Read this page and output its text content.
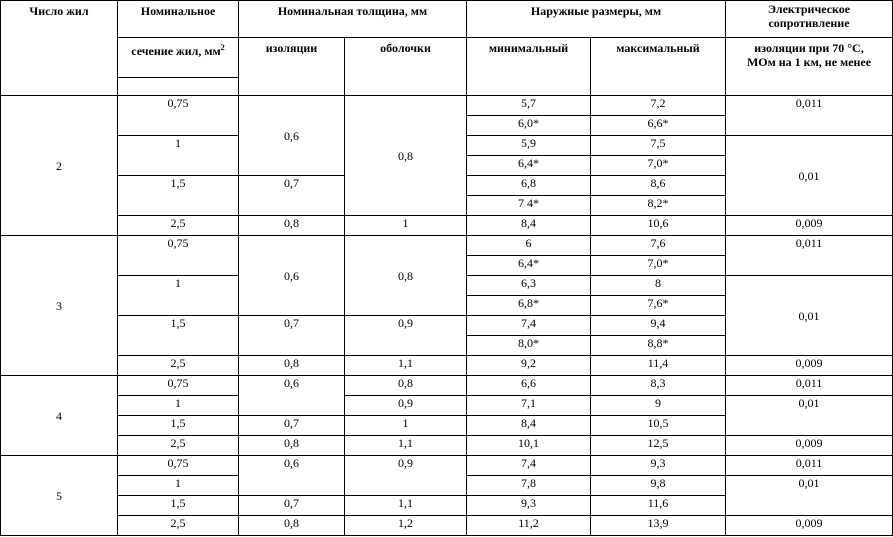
Число жил	Номинальное	Номинальная толщина, мм		Наружные размеры, мм		Электрическое
сопротивление

	сечение жил, $мм^2$	изоляции	оболочки	минимальный	максимальный	изоляции при 70 °С,
МОм на 1 км, не менее

2	0,75	0,6	0,8	5,7	7,2	0,011
				6,0*	6,6*	
	1			5,9	7,5	0,01
				6,4*	7,0*	
	1,5	0,7		6,8	8,6	
				7 4*	8,2*	
	2,5	0,8	1	8,4	10,6	0,009
3	0,75	0,6	0,8	6	7,6	0,011
				6,4*	7,0*	
	1			6,3	8	0,01
				6,8*	7,6*	
	1,5	0,7	0,9	7,4	9,4	
				8,0*	8,8*	
	2,5	0,8	1,1	9,2	11,4	0,009
4	0,75	0,6	0,8	6,6	8,3	0,011
	1		0,9	7,1	9	0,01
	1,5	0,7	1	8,4	10,5	
	2,5	0,8	1,1	10,1	12,5	0,009
5	0,75	0,6	0,9	7,4	9,3	0,011
	1			7,8	9,8	0,01
	1,5	0,7	1,1	9,3	11,6	
	2,5	0,8	1,2	11,2	13,9	0,009
